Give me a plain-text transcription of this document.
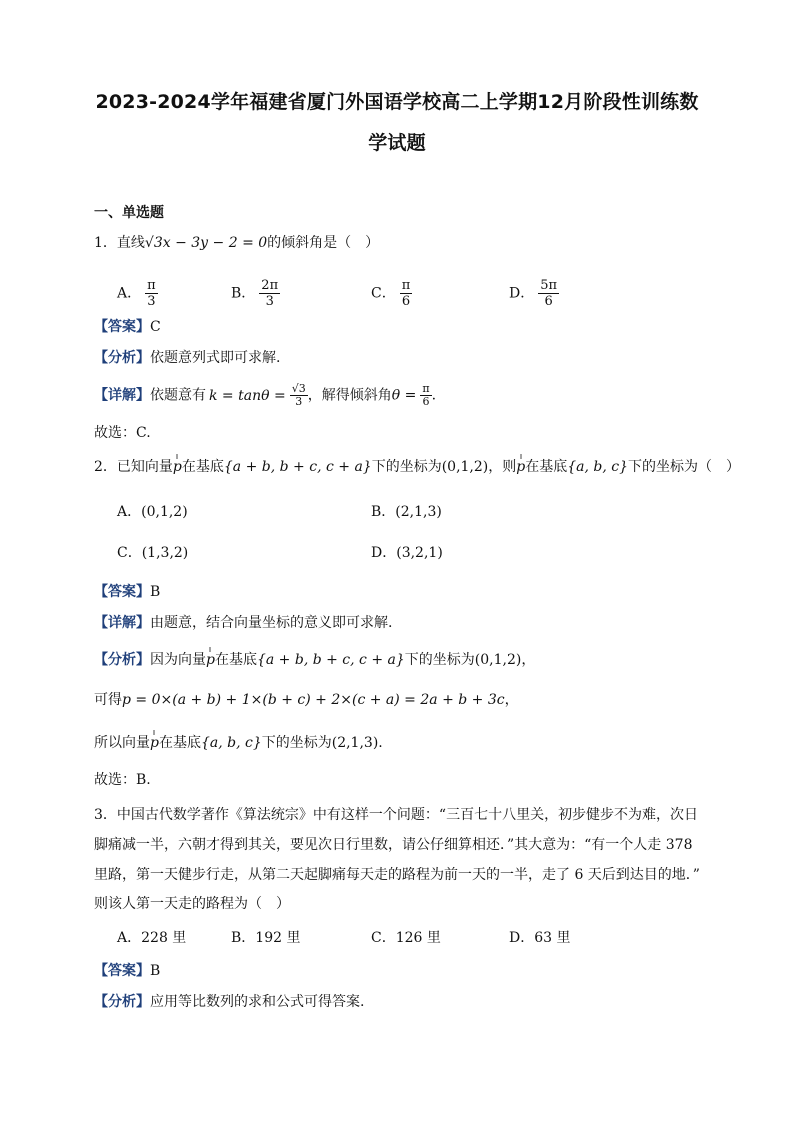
2023-2024学年福建省厦门外国语学校高二上学期12月阶段性训练数
学试题
一、单选题
1．直线√3x − 3y − 2 = 0的倾斜角是（　）
A． $\frac{\pi}{3}$	B． $\frac{2\pi}{3}$	C． $\frac{\pi}{6}$	D． $\frac{5\pi}{6}$
【答案】C
【分析】依题意列式即可求解.
【详解】依题意有 $k = \tan\theta = \frac{√3}{3}$ ，解得倾斜角$\theta = \frac{\pi}{6}$ .
故选：C.
2．已知向量p在基底{a + b, b + c, c + a}下的坐标为(0,1,2)，则p在基底{a, b, c}下的坐标为（　）
A．(0,1,2)	B．(2,1,3)
C．(1,3,2)	D．(3,2,1)
【答案】B
【详解】由题意，结合向量坐标的意义即可求解.
【分析】因为向量p在基底{a + b, b + c, c + a}下的坐标为(0,1,2)，
可得p = 0×(a + b) + 1×(b + c) + 2×(c + a) = 2a + b + 3c，
所以向量p在基底{a, b, c}下的坐标为(2,1,3).
故选：B.
3．中国古代数学著作《算法统宗》中有这样一个问题：“三百七十八里关，初步健步不为难，次日
脚痛减一半，六朝才得到其关，要见次日行里数，请公仔细算相还．”其大意为：“有一个人走 378
里路，第一天健步行走，从第二天起脚痛每天走的路程为前一天的一半，走了 6 天后到达目的地．”
则该人第一天走的路程为（　）
A．228 里	B．192 里	C．126 里	D．63 里
【答案】B
【分析】应用等比数列的求和公式可得答案.
